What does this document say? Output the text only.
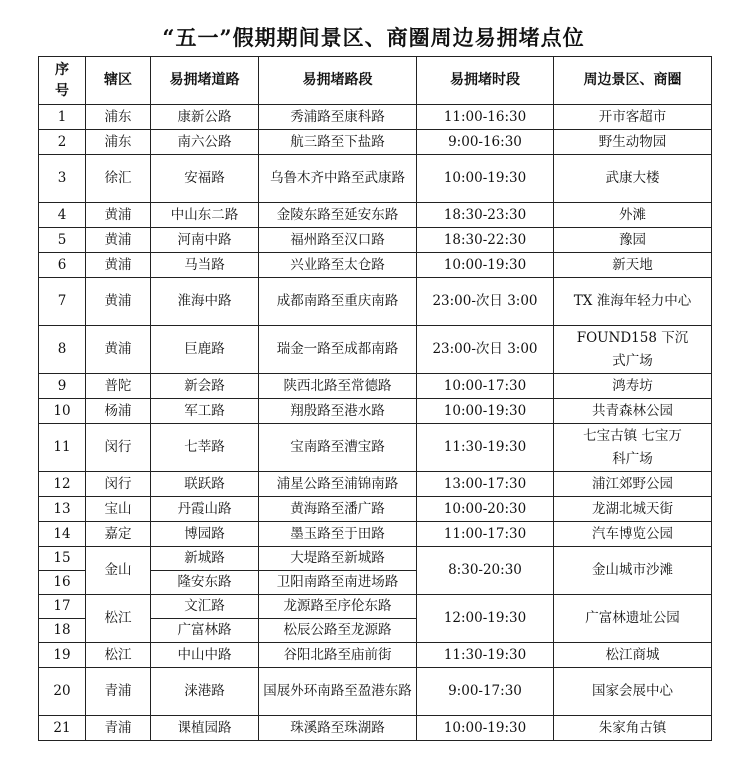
“五一”假期期间景区、商圈周边易拥堵点位
序号	辖区	易拥堵道路	易拥堵路段	易拥堵时段	周边景区、商圈
1	浦东	康新公路	秀浦路至康科路	11:00-16:30	开市客超市
2	浦东	南六公路	航三路至下盐路	9:00-16:30	野生动物园
3	徐汇	安福路	乌鲁木齐中路至武康路	10:00-19:30	武康大楼
4	黄浦	中山东二路	金陵东路至延安东路	18:30-23:30	外滩
5	黄浦	河南中路	福州路至汉口路	18:30-22:30	豫园
6	黄浦	马当路	兴业路至太仓路	10:00-19:30	新天地
7	黄浦	淮海中路	成都南路至重庆南路	23:00-次日 3:00	TX 淮海年轻力中心
8	黄浦	巨鹿路	瑞金一路至成都南路	23:00-次日 3:00	FOUND158 下沉式广场
9	普陀	新会路	陕西北路至常德路	10:00-17:30	鸿寿坊
10	杨浦	军工路	翔殷路至港水路	10:00-19:30	共青森林公园
11	闵行	七莘路	宝南路至漕宝路	11:30-19:30	七宝古镇 七宝万科广场
12	闵行	联跃路	浦星公路至浦锦南路	13:00-17:30	浦江郊野公园
13	宝山	丹霞山路	黄海路至潘广路	10:00-20:30	龙湖北城天街
14	嘉定	博园路	墨玉路至于田路	11:00-17:30	汽车博览公园
15	金山	新城路	大堤路至新城路	8:30-20:30	金山城市沙滩
16		隆安东路	卫阳南路至南进场路		
17	松江	文汇路	龙源路至序伦东路	12:00-19:30	广富林遗址公园
18		广富林路	松辰公路至龙源路		
19	松江	中山中路	谷阳北路至庙前街	11:30-19:30	松江商城
20	青浦	涞港路	国展外环南路至盈港东路	9:00-17:30	国家会展中心
21	青浦	课植园路	珠溪路至珠湖路	10:00-19:30	朱家角古镇
